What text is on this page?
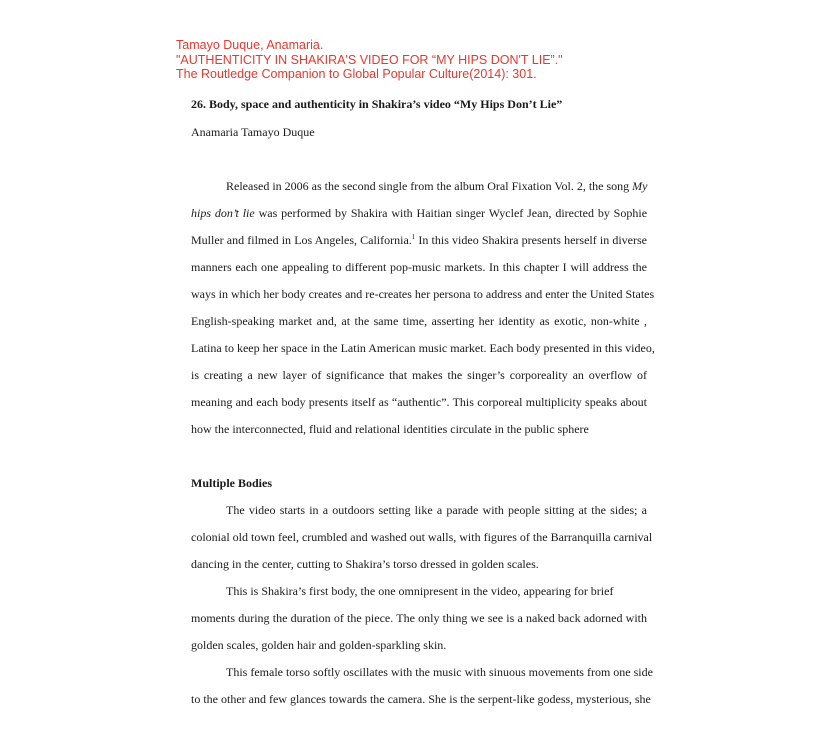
Tamayo Duque, Anamaria.
"AUTHENTICITY IN SHAKIRA'S VIDEO FOR “MY HIPS DON'T LIE”."
The Routledge Companion to Global Popular Culture(2014): 301.
26. Body, space and authenticity in Shakira’s video “My Hips Don’t Lie”
Anamaria Tamayo Duque
Released in 2006 as the second single from the album Oral Fixation Vol. 2, the song My
hips don’t lie was performed by Shakira with Haitian singer Wyclef Jean, directed by Sophie
Muller and filmed in Los Angeles, California.$^1$ In this video Shakira presents herself in diverse
manners each one appealing to different pop-music markets. In this chapter I will address the
ways in which her body creates and re-creates her persona to address and enter the United States
English-speaking market and, at the same time, asserting her identity as exotic, non-white ,
Latina to keep her space in the Latin American music market. Each body presented in this video,
is creating a new layer of significance that makes the singer’s corporeality an overflow of
meaning and each body presents itself as “authentic”. This corporeal multiplicity speaks about
how the interconnected, fluid and relational identities circulate in the public sphere
Multiple Bodies
The video starts in a outdoors setting like a parade with people sitting at the sides; a
colonial old town feel, crumbled and washed out walls, with figures of the Barranquilla carnival
dancing in the center, cutting to Shakira’s torso dressed in golden scales.
This is Shakira’s first body, the one omnipresent in the video, appearing for brief
moments during the duration of the piece. The only thing we see is a naked back adorned with
golden scales, golden hair and golden-sparkling skin.
This female torso softly oscillates with the music with sinuous movements from one side
to the other and few glances towards the camera. She is the serpent-like godess, mysterious, she
